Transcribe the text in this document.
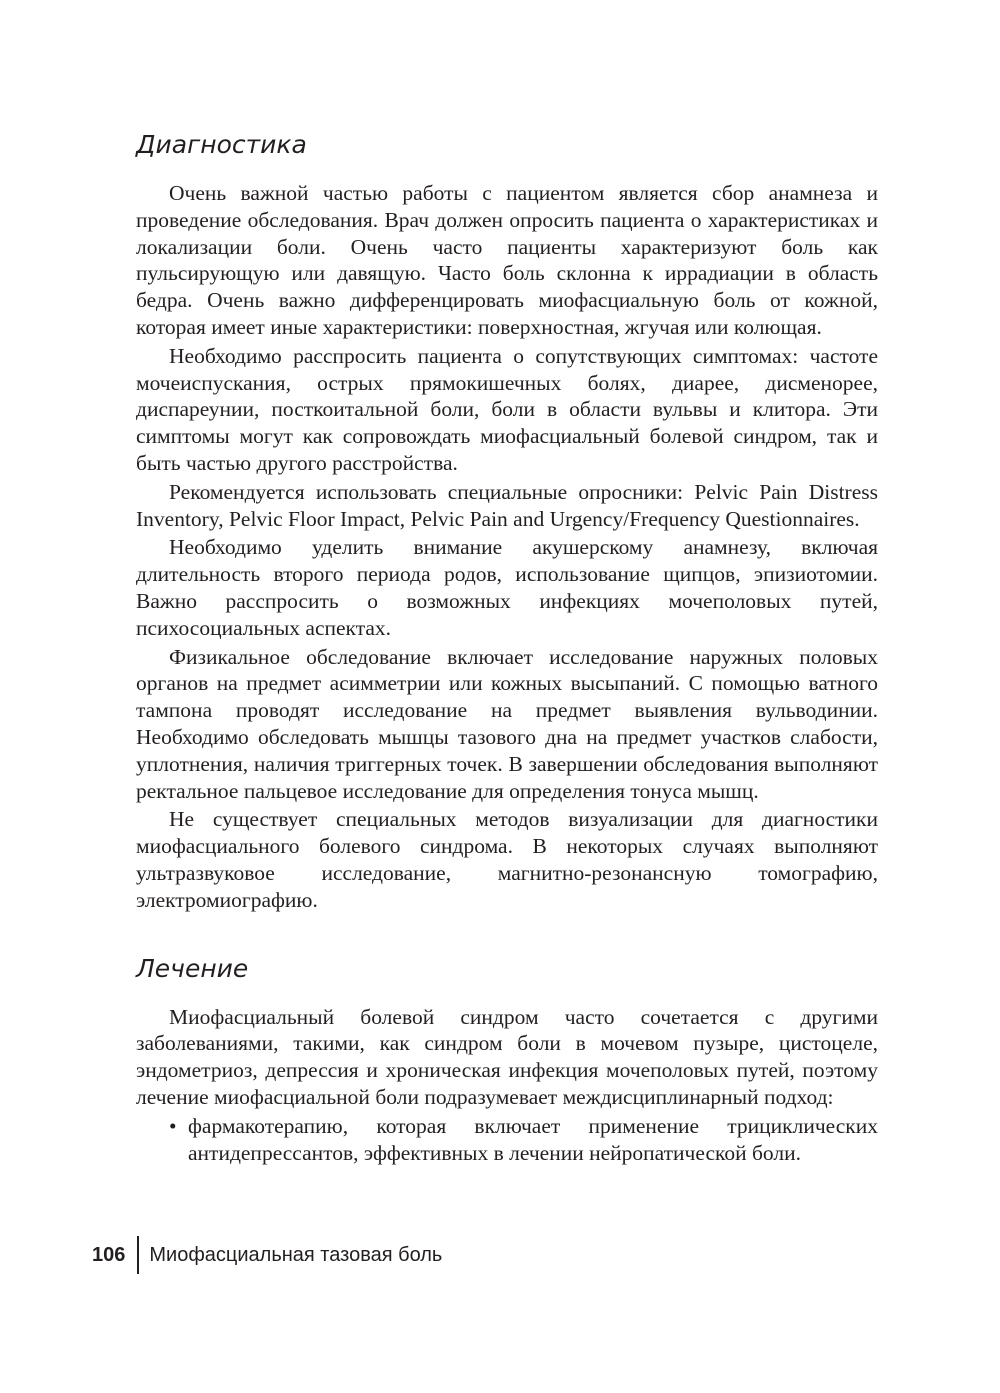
Диагностика

Очень важной частью работы с пациентом является сбор анамнеза и проведение обследования. Врач должен опросить пациента о характеристиках и локализации боли. Очень часто пациенты характеризуют боль как пульсирующую или давящую. Часто боль склонна к иррадиации в область бедра. Очень важно дифференцировать миофасциальную боль от кожной, которая имеет иные характеристики: поверхностная, жгучая или колющая.

Необходимо расспросить пациента о сопутствующих симптомах: частоте мочеиспускания, острых прямокишечных болях, диарее, дисменорее, диспареунии, посткоитальной боли, боли в области вульвы и клитора. Эти симптомы могут как сопровождать миофасциальный болевой синдром, так и быть частью другого расстройства.

Рекомендуется использовать специальные опросники: Pelvic Pain Distress Inventory, Pelvic Floor Impact, Pelvic Pain and Urgency/Frequency Questionnaires.

Необходимо уделить внимание акушерскому анамнезу, включая длительность второго периода родов, использование щипцов, эпизиотомии. Важно расспросить о возможных инфекциях мочеполовых путей, психосоциальных аспектах.

Физикальное обследование включает исследование наружных половых органов на предмет асимметрии или кожных высыпаний. С помощью ватного тампона проводят исследование на предмет выявления вульводинии. Необходимо обследовать мышцы тазового дна на предмет участков слабости, уплотнения, наличия триггерных точек. В завершении обследования выполняют ректальное пальцевое исследование для определения тонуса мышц.

Не существует специальных методов визуализации для диагностики миофасциального болевого синдрома. В некоторых случаях выполняют ультразвуковое исследование, магнитно-резонансную томографию, электромиографию.

Лечение

Миофасциальный болевой синдром часто сочетается с другими заболеваниями, такими, как синдром боли в мочевом пузыре, цистоцеле, эндометриоз, депрессия и хроническая инфекция мочеполовых путей, поэтому лечение миофасциальной боли подразумевает междисциплинарный подход:

• фармакотерапию, которая включает применение трициклических антидепрессантов, эффективных в лечении нейропатической боли.
106	Миофасциальная тазовая боль
